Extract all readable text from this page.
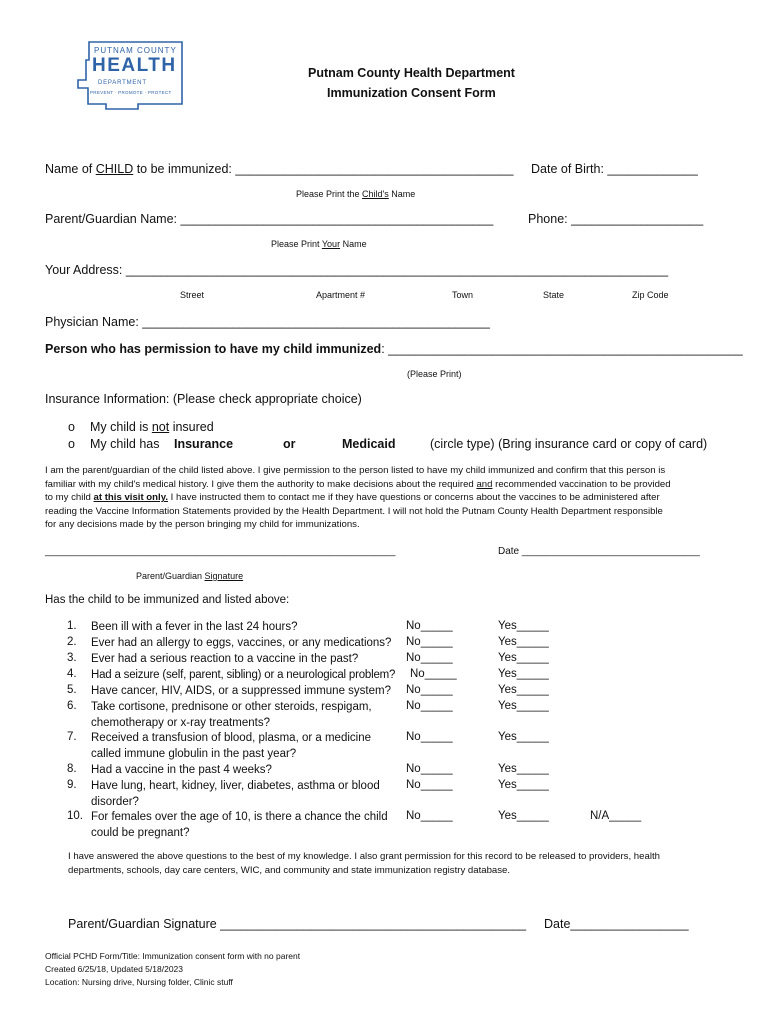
PUTNAM COUNTY
HEALTH
DEPARTMENT
PREVENT · PROMOTE · PROTECT
Putnam County Health Department
Immunization Consent Form
Name of CHILD to be immunized: ________________________________________ Date of Birth: _____________
Please Print the Child's Name
Parent/Guardian Name: _____________________________________________	Phone: ___________________
Please Print Your Name
Your Address: ______________________________________________________________________________
Street	Apartment #	Town	State	Zip Code
Physician Name: __________________________________________________
Person who has permission to have my child immunized: ___________________________________________________
(Please Print)
Insurance Information: (Please check appropriate choice)
o My child is not insured
o My child has Insurance	or	Medicaid	(circle type) (Bring insurance card or copy of card)
I am the parent/guardian of the child listed above. I give permission to the person listed to have my child immunized and confirm that this person is
familiar with my child's medical history. I give them the authority to make decisions about the required and recommended vaccination to be provided
to my child at this visit only. I have instructed them to contact me if they have questions or concerns about the vaccines to be administered after
reading the Vaccine Information Statements provided by the Health Department. I will not hold the Putnam County Health Department responsible
for any decisions made by the person bringing my child for immunizations.
_______________________________________________________________	Date ________________________________
Parent/Guardian Signature
Has the child to be immunized and listed above:
1. Been ill with a fever in the last 24 hours?	No_____	Yes_____
2. Ever had an allergy to eggs, vaccines, or any medications?	No_____	Yes_____
3. Ever had a serious reaction to a vaccine in the past?	No_____	Yes_____
4. Had a seizure (self, parent, sibling) or a neurological problem?	No_____	Yes_____
5. Have cancer, HIV, AIDS, or a suppressed immune system?	No_____	Yes_____
6. Take cortisone, prednisone or other steroids, respigam, chemotherapy or x-ray treatments?
No_____	Yes_____
7. Received a transfusion of blood, plasma, or a medicine called immune globulin in the past year?
No_____	Yes_____
8. Had a vaccine in the past 4 weeks?	No_____	Yes_____
9. Have lung, heart, kidney, liver, diabetes, asthma or blood disorder?
No_____	Yes_____
10. For females over the age of 10, is there a chance the child could be pregnant?
No_____	Yes_____	N/A_____
I have answered the above questions to the best of my knowledge. I also grant permission for this record to be released to providers, health
departments, schools, day care centers, WIC, and community and state immunization registry database.
Parent/Guardian Signature ____________________________________________ Date_________________
Official PCHD Form/Title: Immunization consent form with no parent
Created 6/25/18, Updated 5/18/2023
Location: Nursing drive, Nursing folder, Clinic stuff
